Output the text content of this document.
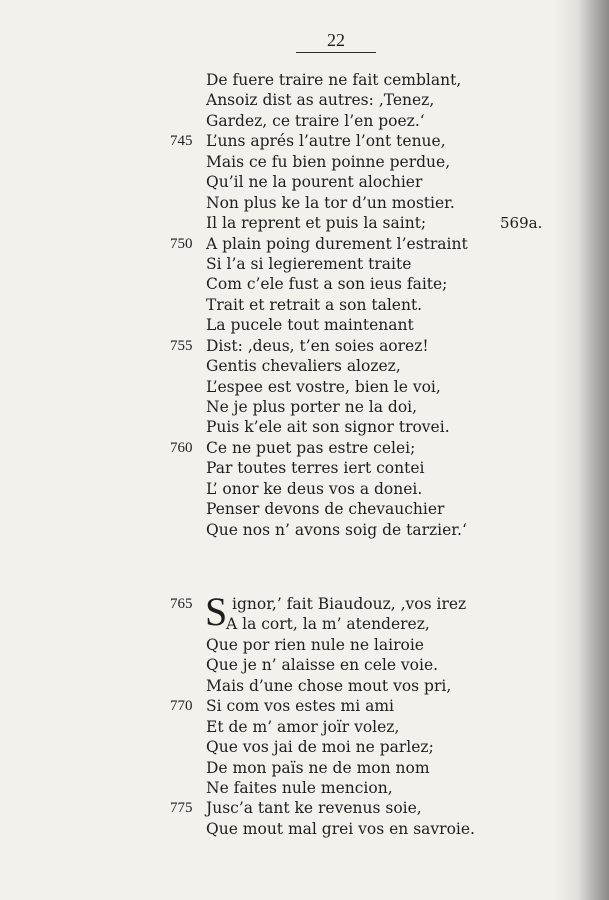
22
De fuere traire ne fait cemblant,
Ansoiz dist as autres: ‚Tenez,
Gardez, ce traire l’en poez.‘
745 L’uns aprés l’autre l’ont tenue,
Mais ce fu bien poinne perdue,
Qu’il ne la pourent alochier
Non plus ke la tor d’un mostier.
Il la reprent et puis la saint;	569a.
750 A plain poing durement l’estraint
Si l’a si legierement traite
Com c’ele fust a son ieus faite;
Trait et retrait a son talent.
La pucele tout maintenant
755 Dist: ‚deus, t’en soies aorez!
Gentis chevaliers alozez,
L’espee est vostre, bien le voi,
Ne je plus porter ne la doi,
Puis k’ele ait son signor trovei.
760 Ce ne puet pas estre celei;
Par toutes terres iert contei
L’ onor ke deus vos a donei.
Penser devons de chevauchier
Que nos n’ avons soig de tarzier.‘
765 S ignor,’ fait Biaudouz, ‚vos irez
A la cort, la m’ atenderez,
Que por rien nule ne lairoie
Que je n’ alaisse en cele voie.
Mais d’une chose mout vos pri,
770 Si com vos estes mi ami
Et de m’ amor joïr volez,
Que vos jai de moi ne parlez;
De mon païs ne de mon nom
Ne faites nule mencion,
775 Jusc’a tant ke revenus soie,
Que mout mal grei vos en savroie.
